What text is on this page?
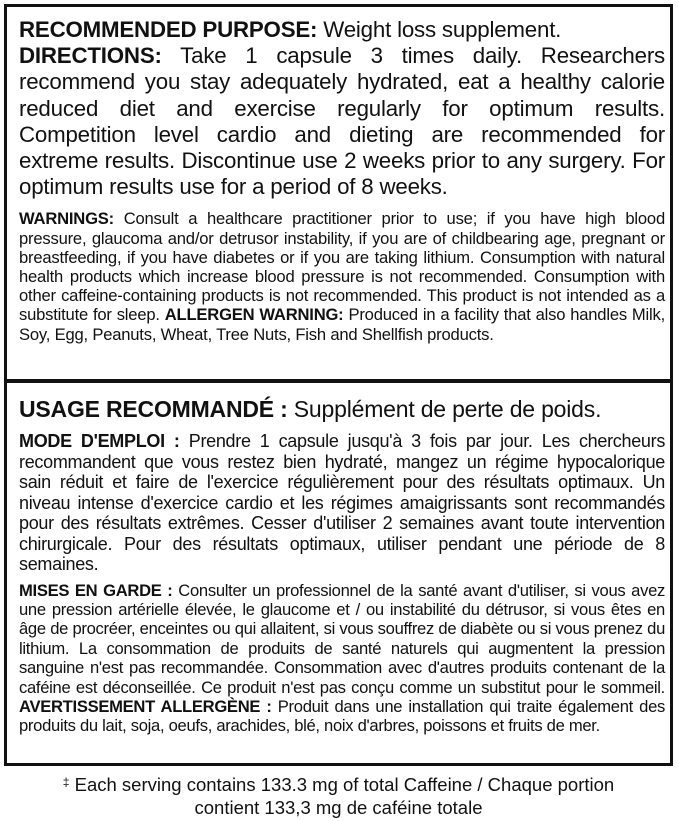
RECOMMENDED PURPOSE: Weight loss supplement.

DIRECTIONS: Take 1 capsule 3 times daily. Researchers recommend you stay adequately hydrated, eat a healthy calorie reduced diet and exercise regularly for optimum results. Competition level cardio and dieting are recommended for extreme results. Discontinue use 2 weeks prior to any surgery. For optimum results use for a period of 8 weeks.

WARNINGS: Consult a healthcare practitioner prior to use; if you have high blood pressure, glaucoma and/or detrusor instability, if you are of childbearing age, pregnant or breastfeeding, if you have diabetes or if you are taking lithium. Consumption with natural health products which increase blood pressure is not recommended. Consumption with other caffeine-containing products is not recommended. This product is not intended as a substitute for sleep. ALLERGEN WARNING: Produced in a facility that also handles Milk, Soy, Egg, Peanuts, Wheat, Tree Nuts, Fish and Shellfish products.

USAGE RECOMMANDÉ : Supplément de perte de poids.

MODE D'EMPLOI : Prendre 1 capsule jusqu'à 3 fois par jour. Les chercheurs recommandent que vous restez bien hydraté, mangez un régime hypocalorique sain réduit et faire de l'exercice régulièrement pour des résultats optimaux. Un niveau intense d'exercice cardio et les régimes amaigrissants sont recommandés pour des résultats extrêmes. Cesser d'utiliser 2 semaines avant toute intervention chirurgicale. Pour des résultats optimaux, utiliser pendant une période de 8 semaines.

MISES EN GARDE : Consulter un professionnel de la santé avant d'utiliser, si vous avez une pression artérielle élevée, le glaucome et / ou instabilité du détrusor, si vous êtes en âge de procréer, enceintes ou qui allaitent, si vous souffrez de diabète ou si vous prenez du lithium. La consommation de produits de santé naturels qui augmentent la pression sanguine n'est pas recommandée. Consommation avec d'autres produits contenant de la caféine est déconseillée. Ce produit n'est pas conçu comme un substitut pour le sommeil. AVERTISSEMENT ALLERGÈNE : Produit dans une installation qui traite également des produits du lait, soja, oeufs, arachides, blé, noix d'arbres, poissons et fruits de mer.

‡ Each serving contains 133.3 mg of total Caffeine / Chaque portion
contient 133,3 mg de caféine totale
